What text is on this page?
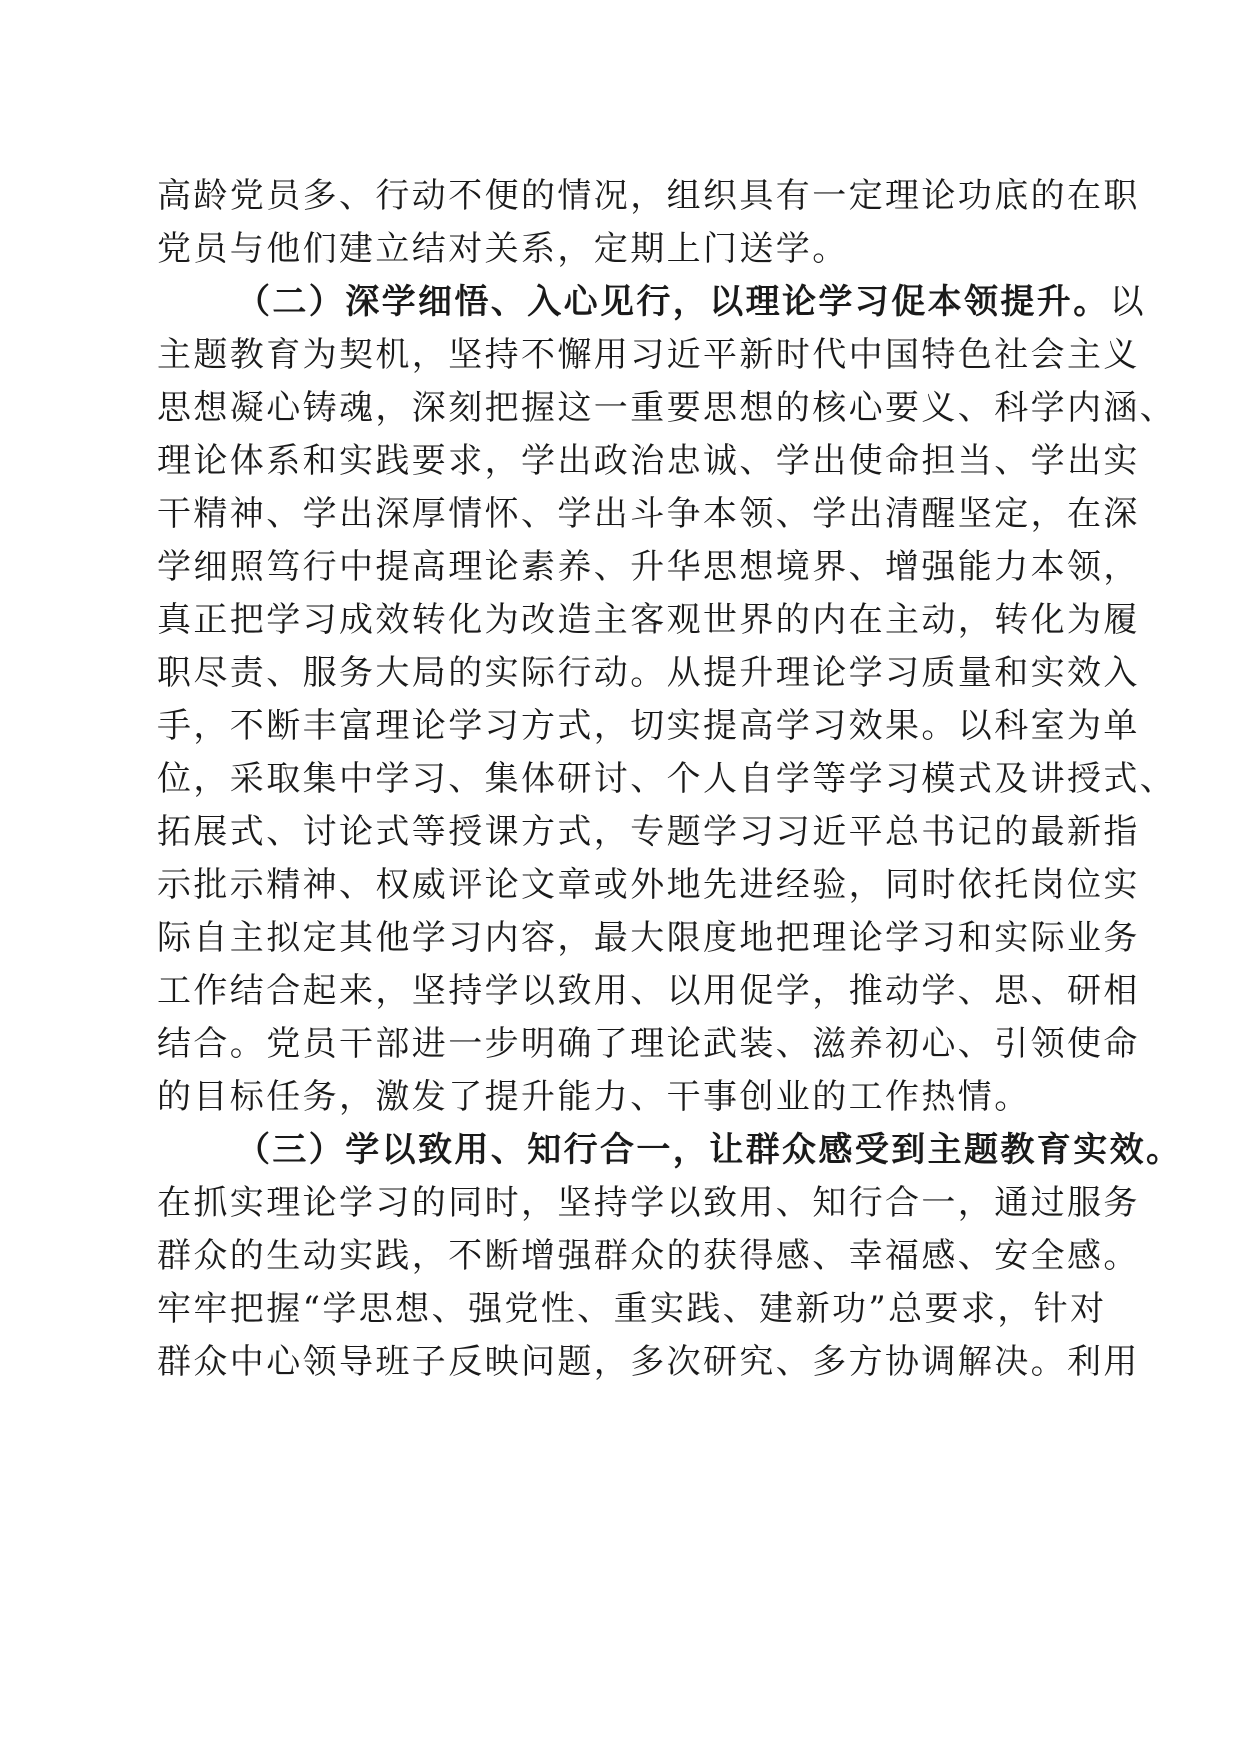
高龄党员多、行动不便的情况，组织具有一定理论功底的在职
党员与他们建立结对关系，定期上门送学。
（二）深学细悟、入心见行，以理论学习促本领提升。以
主题教育为契机，坚持不懈用习近平新时代中国特色社会主义
思想凝心铸魂，深刻把握这一重要思想的核心要义、科学内涵、
理论体系和实践要求，学出政治忠诚、学出使命担当、学出实
干精神、学出深厚情怀、学出斗争本领、学出清醒坚定，在深
学细照笃行中提高理论素养、升华思想境界、增强能力本领，
真正把学习成效转化为改造主客观世界的内在主动，转化为履
职尽责、服务大局的实际行动。从提升理论学习质量和实效入
手，不断丰富理论学习方式，切实提高学习效果。以科室为单
位，采取集中学习、集体研讨、个人自学等学习模式及讲授式、
拓展式、讨论式等授课方式，专题学习习近平总书记的最新指
示批示精神、权威评论文章或外地先进经验，同时依托岗位实
际自主拟定其他学习内容，最大限度地把理论学习和实际业务
工作结合起来，坚持学以致用、以用促学，推动学、思、研相
结合。党员干部进一步明确了理论武装、滋养初心、引领使命
的目标任务，激发了提升能力、干事创业的工作热情。
（三）学以致用、知行合一，让群众感受到主题教育实效。
在抓实理论学习的同时，坚持学以致用、知行合一，通过服务
群众的生动实践，不断增强群众的获得感、幸福感、安全感。
牢牢把握“学思想、强党性、重实践、建新功”总要求，针对
群众中心领导班子反映问题，多次研究、多方协调解决。利用
